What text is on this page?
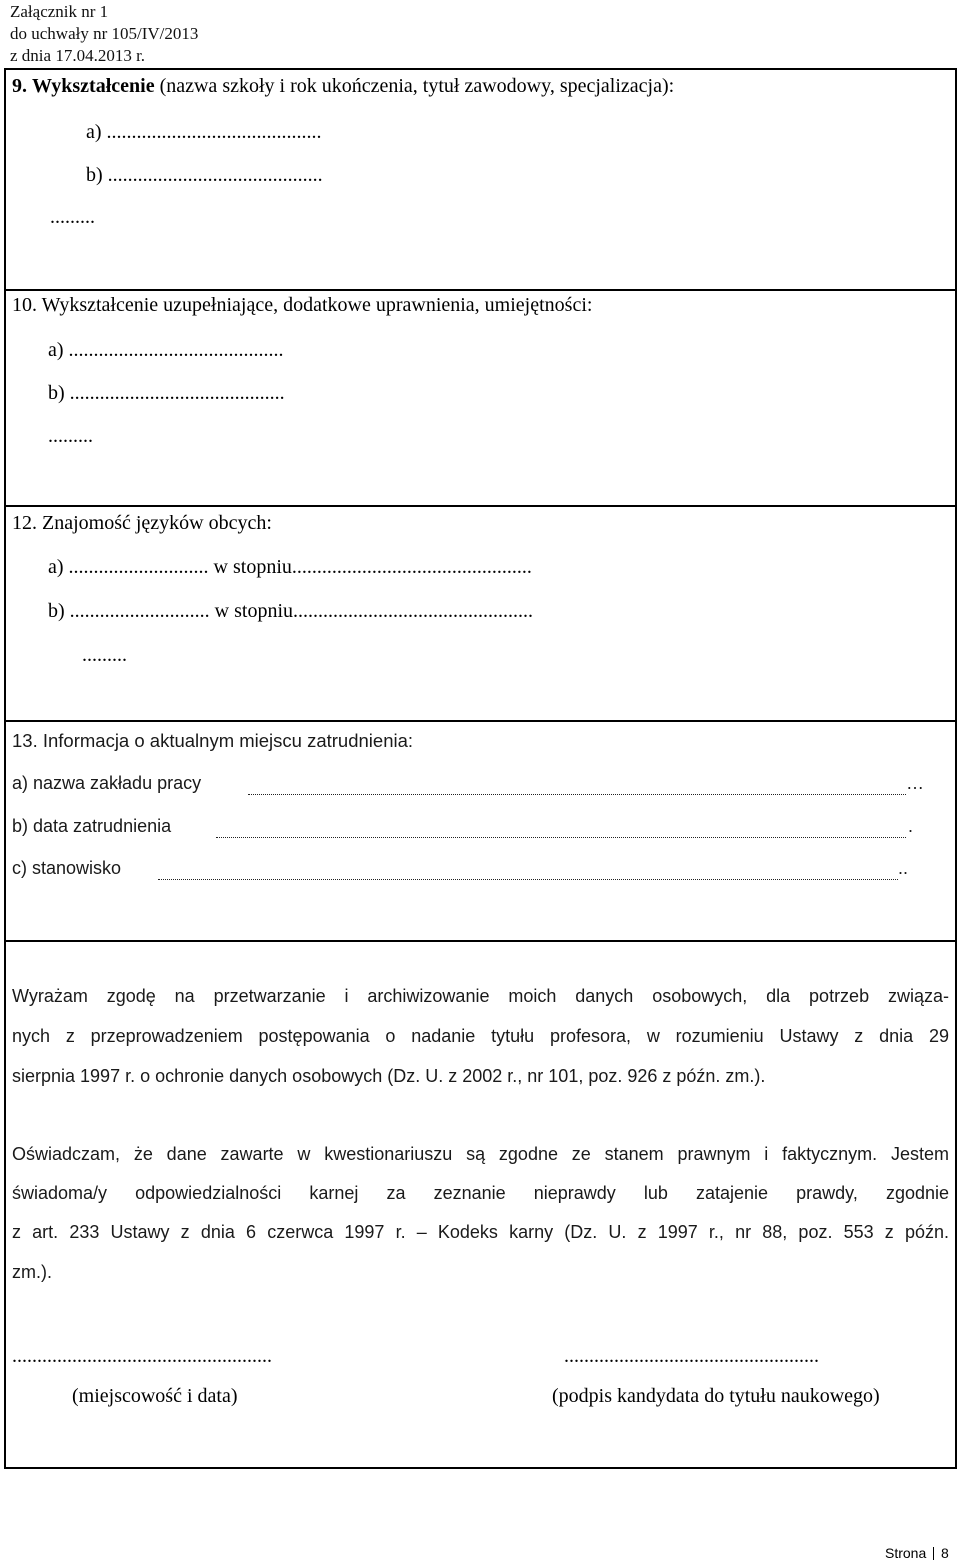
Załącznik nr 1
do uchwały nr 105/IV/2013
z dnia 17.04.2013 r.
9. Wykształcenie (nazwa szkoły i rok ukończenia, tytuł zawodowy, specjalizacja):
a) ...........................................
b) ...........................................
.........
10. Wykształcenie uzupełniające, dodatkowe uprawnienia, umiejętności:
a) ...........................................
b) ...........................................
.........
12. Znajomość języków obcych:
a) ............................ w stopniu................................................
b) ............................ w stopniu................................................
.........
13. Informacja o aktualnym miejscu zatrudnienia:
a) nazwa zakładu pracy	…
b) data zatrudnienia	.
c) stanowisko	..
Wyrażam zgodę na przetwarzanie i archiwizowanie moich danych osobowych, dla potrzeb związa-
nych z przeprowadzeniem postępowania o nadanie tytułu profesora, w rozumieniu Ustawy z dnia 29
sierpnia 1997 r. o ochronie danych osobowych (Dz. U. z 2002 r., nr 101, poz. 926 z późn. zm.).
Oświadczam, że dane zawarte w kwestionariuszu są zgodne ze stanem prawnym i faktycznym. Jestem
świadoma/y odpowiedzialności karnej za zeznanie nieprawdy lub zatajenie prawdy, zgodnie
z art. 233 Ustawy z dnia 6 czerwca 1997 r. – Kodeks karny (Dz. U. z 1997 r., nr 88, poz. 553 z późn.
zm.).
....................................................
(miejscowość i data)
...................................................
(podpis kandydata do tytułu naukowego)
Strona 8
